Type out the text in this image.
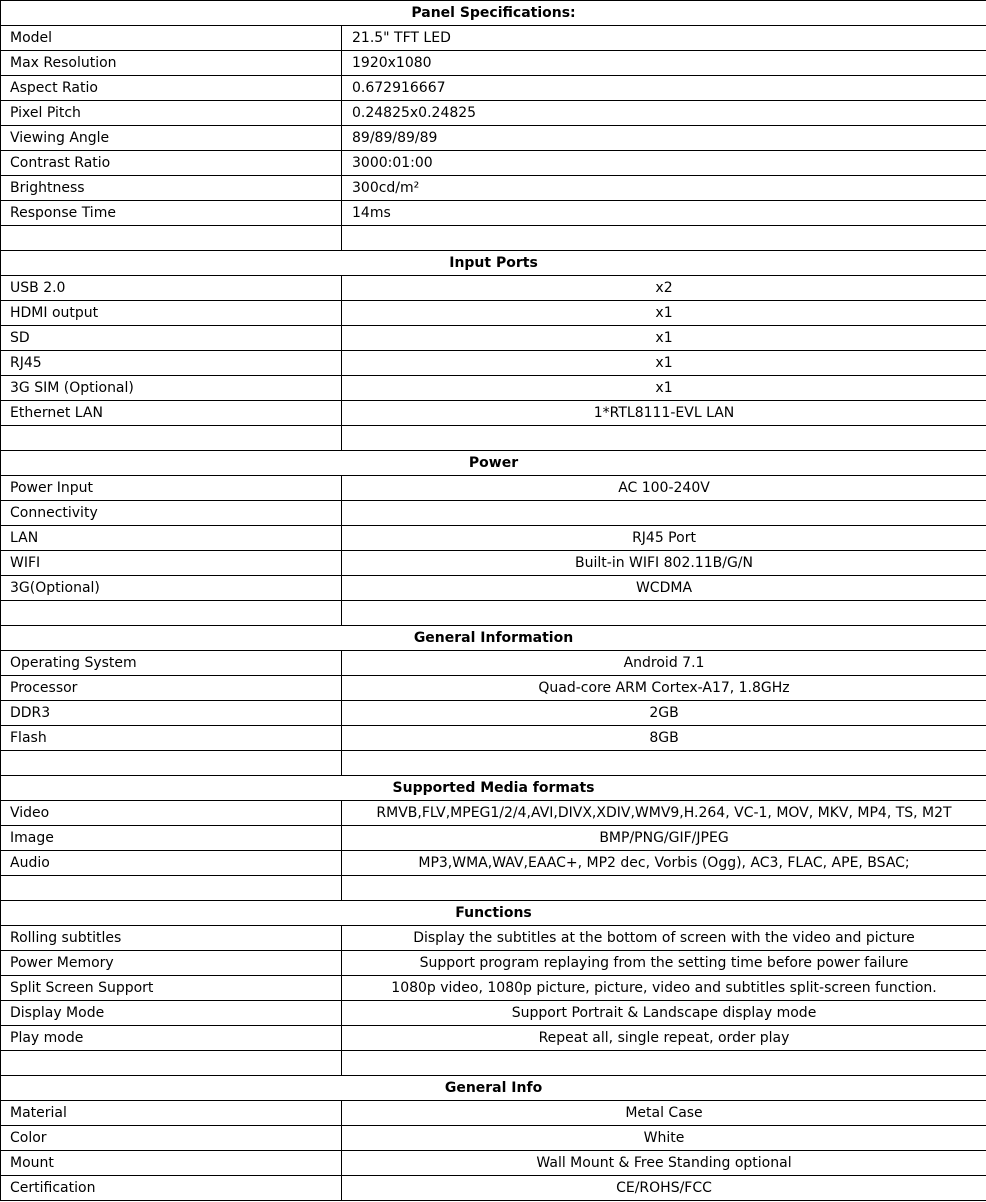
Panel Specifications:	
Model	21.5" TFT LED
Max Resolution	1920x1080
Aspect Ratio	0.672916667
Pixel Pitch	0.24825x0.24825
Viewing Angle	89/89/89/89
Contrast Ratio	3000:01:00
Brightness	300cd/m²
Response Time	14ms

Input Ports	
USB 2.0	x2
HDMI output	x1
SD	x1
RJ45	x1
3G SIM (Optional)	x1
Ethernet LAN	1*RTL8111-EVL LAN

Power	
Power Input	AC 100-240V
Connectivity	
LAN	RJ45 Port
WIFI	Built-in WIFI 802.11B/G/N
3G(Optional)	WCDMA

General Information	
Operating System	Android 7.1
Processor	Quad-core ARM Cortex-A17, 1.8GHz
DDR3	2GB
Flash	8GB

Supported Media formats	
Video	RMVB,FLV,MPEG1/2/4,AVI,DIVX,XDIV,WMV9,H.264, VC-1, MOV, MKV, MP4, TS, M2T
Image	BMP/PNG/GIF/JPEG
Audio	MP3,WMA,WAV,EAAC+, MP2 dec, Vorbis (Ogg), AC3, FLAC, APE, BSAC;

Functions	
Rolling subtitles	Display the subtitles at the bottom of screen with the video and picture
Power Memory	Support program replaying from the setting time before power failure
Split Screen Support	1080p video, 1080p picture, picture, video and subtitles split-screen function.
Display Mode	Support Portrait & Landscape display mode
Play mode	Repeat all, single repeat, order play

General Info	
Material	Metal Case
Color	White
Mount	Wall Mount & Free Standing optional
Certification	CE/ROHS/FCC
